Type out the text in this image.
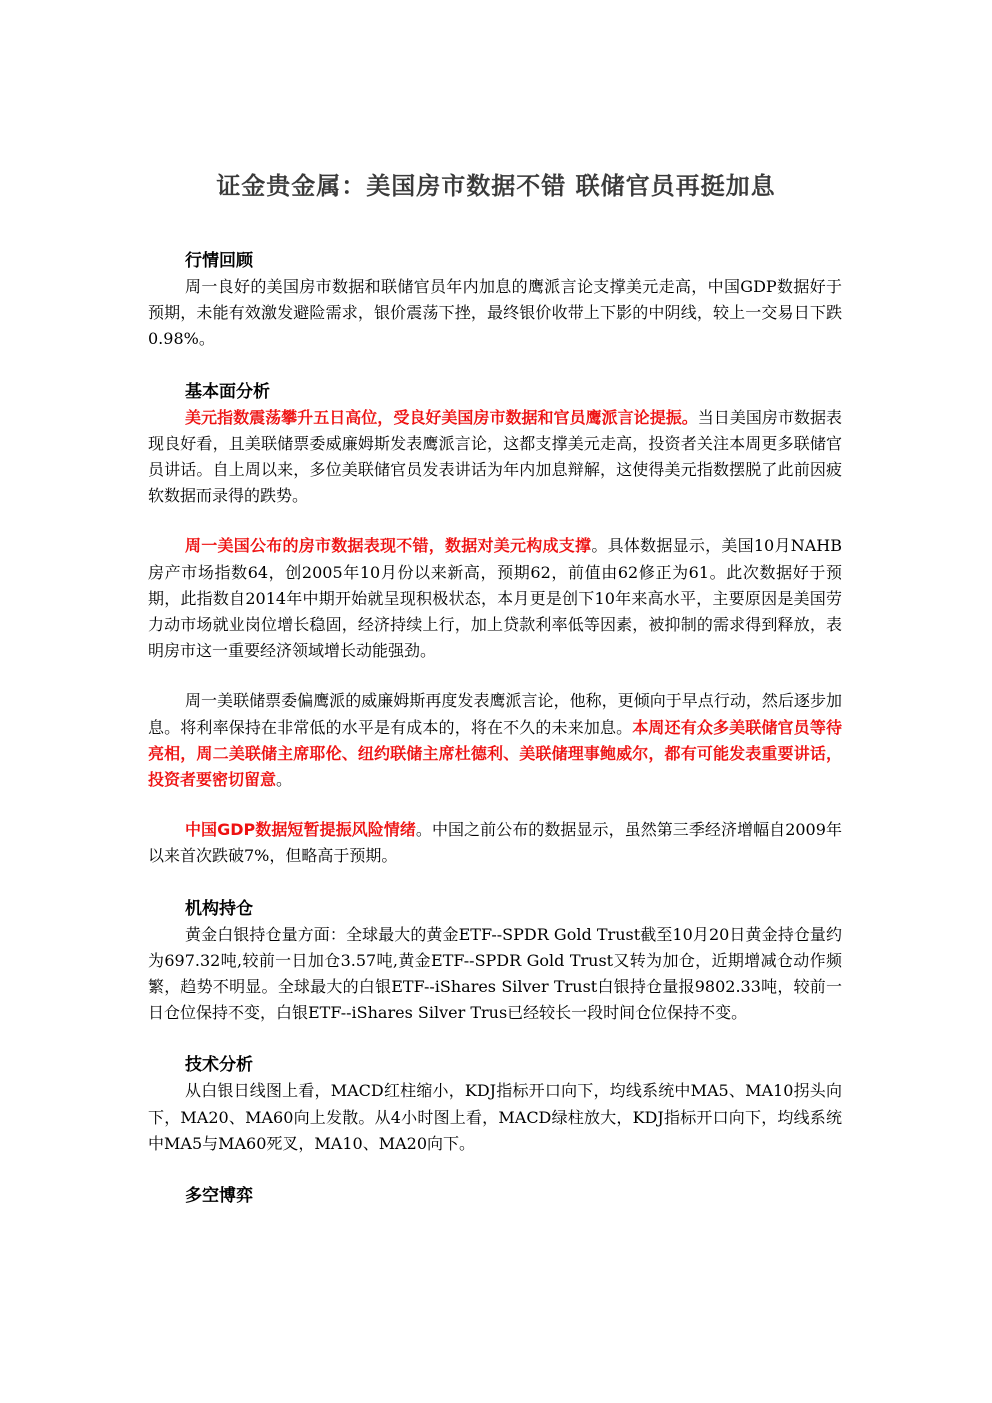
证金贵金属：美国房市数据不错 联储官员再挺加息
行情回顾

周一良好的美国房市数据和联储官员年内加息的鹰派言论支撑美元走高，中国GDP数据好于预期，未能有效激发避险需求，银价震荡下挫，最终银价收带上下影的中阴线，较上一交易日下跌0.98%。

基本面分析

美元指数震荡攀升五日高位，受良好美国房市数据和官员鹰派言论提振。当日美国房市数据表现良好看，且美联储票委威廉姆斯发表鹰派言论，这都支撑美元走高，投资者关注本周更多联储官员讲话。自上周以来，多位美联储官员发表讲话为年内加息辩解，这使得美元指数摆脱了此前因疲软数据而录得的跌势。

周一美国公布的房市数据表现不错，数据对美元构成支撑。具体数据显示，美国10月NAHB房产市场指数64，创2005年10月份以来新高，预期62，前值由62修正为61。此次数据好于预期，此指数自2014年中期开始就呈现积极状态，本月更是创下10年来高水平，主要原因是美国劳力动市场就业岗位增长稳固，经济持续上行，加上贷款利率低等因素，被抑制的需求得到释放，表明房市这一重要经济领域增长动能强劲。

周一美联储票委偏鹰派的威廉姆斯再度发表鹰派言论，他称，更倾向于早点行动，然后逐步加息。将利率保持在非常低的水平是有成本的，将在不久的未来加息。本周还有众多美联储官员等待亮相，周二美联储主席耶伦、纽约联储主席杜德利、美联储理事鲍威尔，都有可能发表重要讲话，投资者要密切留意。

中国GDP数据短暂提振风险情绪。中国之前公布的数据显示，虽然第三季经济增幅自2009年以来首次跌破7%，但略高于预期。

机构持仓

黄金白银持仓量方面：全球最大的黄金ETF--SPDR Gold Trust截至10月20日黄金持仓量约为697.32吨,较前一日加仓3.57吨,黄金ETF--SPDR Gold Trust又转为加仓，近期增减仓动作频繁，趋势不明显。全球最大的白银ETF--iShares Silver Trust白银持仓量报9802.33吨，较前一日仓位保持不变，白银ETF--iShares Silver Trus已经较长一段时间仓位保持不变。

技术分析

从白银日线图上看，MACD红柱缩小，KDJ指标开口向下，均线系统中MA5、MA10拐头向下，MA20、MA60向上发散。从4小时图上看，MACD绿柱放大，KDJ指标开口向下，均线系统中MA5与MA60死叉，MA10、MA20向下。

多空博弈
